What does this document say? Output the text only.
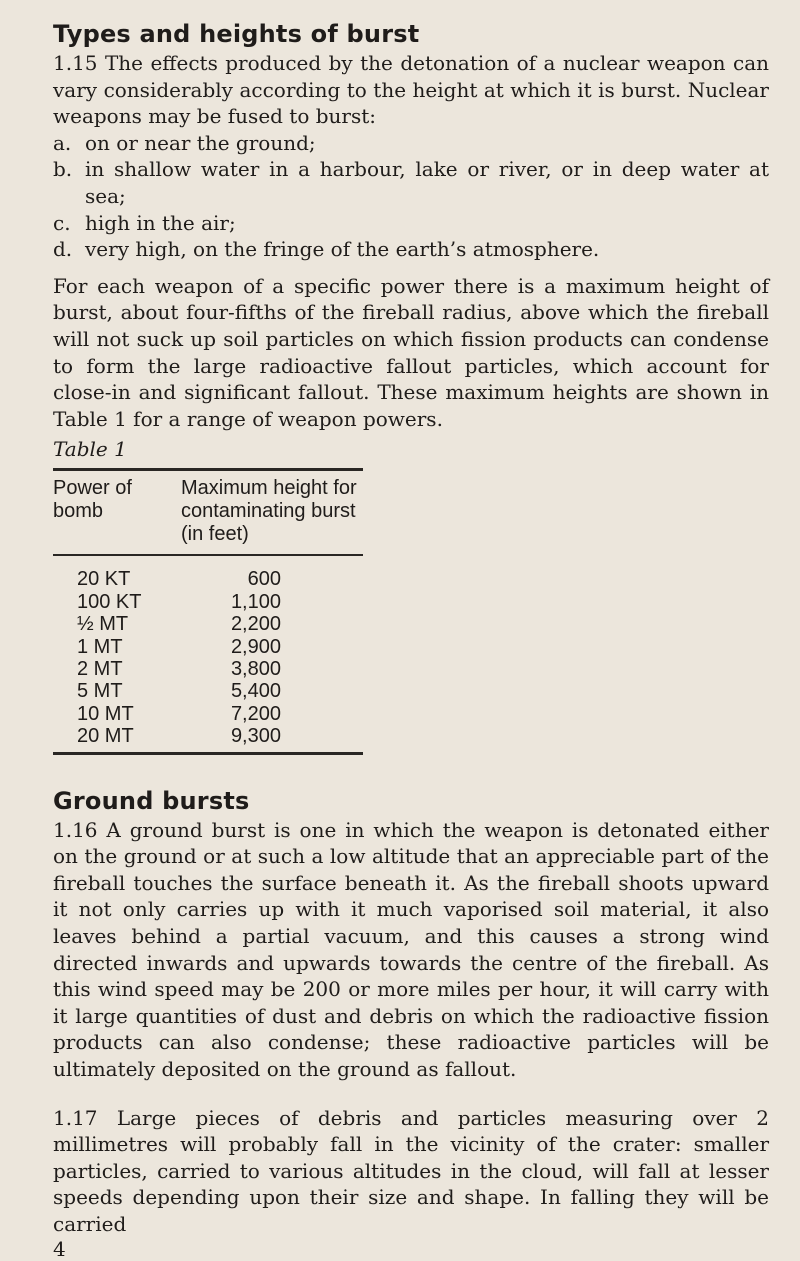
Types and heights of burst

1.15 The effects produced by the detonation of a nuclear weapon can vary considerably according to the height at which it is burst. Nuclear weapons may be fused to burst:

a. on or near the ground;
b. in shallow water in a harbour, lake or river, or in deep water at sea;
c. high in the air;
d. very high, on the fringe of the earth’s atmosphere.

For each weapon of a specific power there is a maximum height of burst, about four-fifths of the fireball radius, above which the fireball will not suck up soil particles on which fission products can condense to form the large radioactive fallout particles, which account for close-in and significant fallout. These maximum heights are shown in Table 1 for a range of weapon powers.

Table 1
Power of bomb	Maximum height for contaminating burst (in feet)
20 KT	600
100 KT	1,100
½ MT	2,200
1 MT	2,900
2 MT	3,800
5 MT	5,400
10 MT	7,200
20 MT	9,300
Ground bursts

1.16 A ground burst is one in which the weapon is detonated either on the ground or at such a low altitude that an appreciable part of the fireball touches the surface beneath it. As the fireball shoots upward it not only carries up with it much vaporised soil material, it also leaves behind a partial vacuum, and this causes a strong wind directed inwards and upwards towards the centre of the fireball. As this wind speed may be 200 or more miles per hour, it will carry with it large quantities of dust and debris on which the radioactive fission products can also condense; these radioactive particles will be ultimately deposited on the ground as fallout.

1.17 Large pieces of debris and particles measuring over 2 millimetres will probably fall in the vicinity of the crater: smaller particles, carried to various altitudes in the cloud, will fall at lesser speeds depending upon their size and shape. In falling they will be carried

4
